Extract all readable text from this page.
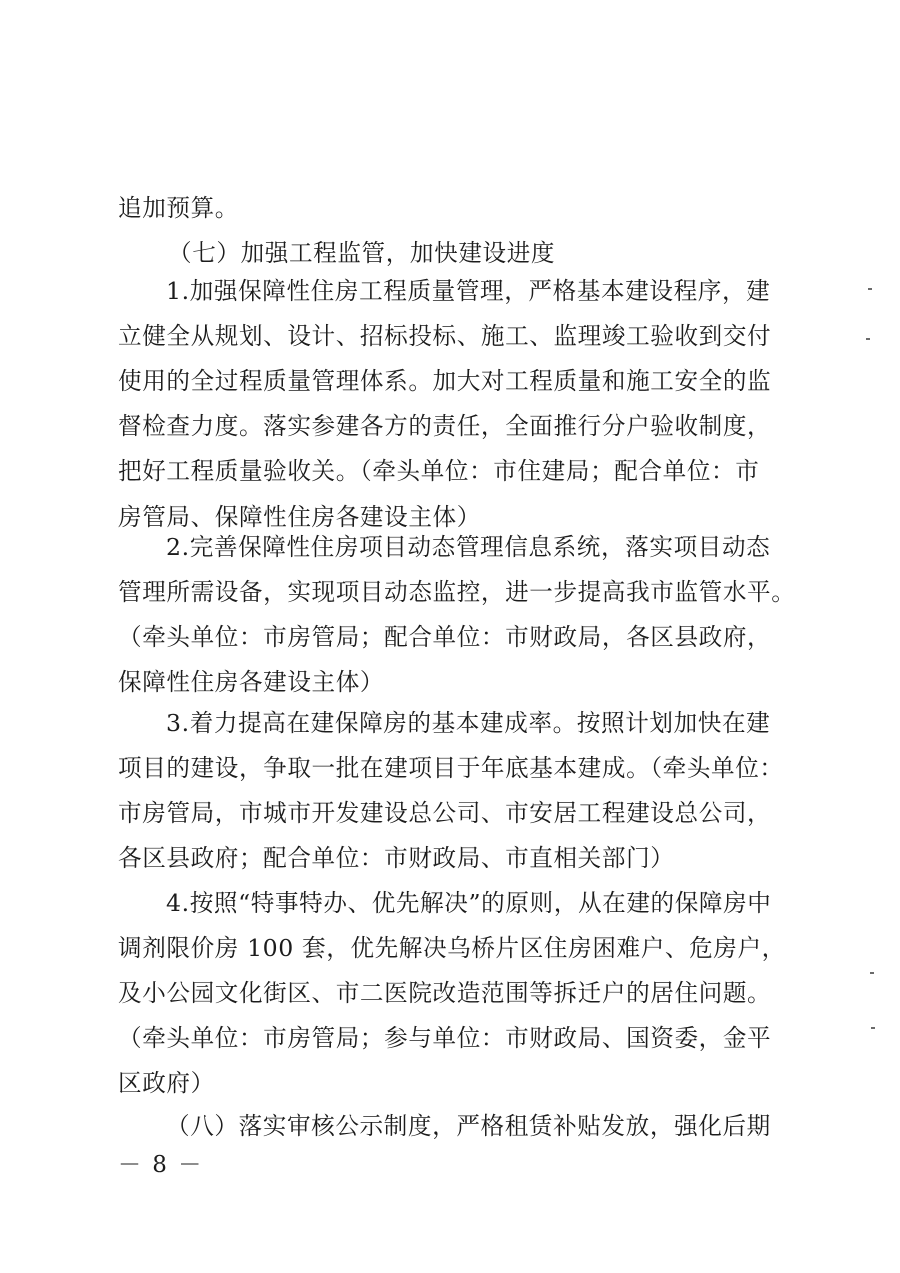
追加预算。
（七）加强工程监管，加快建设进度
1.加强保障性住房工程质量管理，严格基本建设程序，建
立健全从规划、设计、招标投标、施工、监理竣工验收到交付
使用的全过程质量管理体系。加大对工程质量和施工安全的监
督检查力度。落实参建各方的责任，全面推行分户验收制度，
把好工程质量验收关。（牵头单位：市住建局；配合单位：市
房管局、保障性住房各建设主体）
2.完善保障性住房项目动态管理信息系统，落实项目动态
管理所需设备，实现项目动态监控，进一步提高我市监管水平。
（牵头单位：市房管局；配合单位：市财政局，各区县政府，
保障性住房各建设主体）
3.着力提高在建保障房的基本建成率。按照计划加快在建
项目的建设，争取一批在建项目于年底基本建成。（牵头单位：
市房管局，市城市开发建设总公司、市安居工程建设总公司，
各区县政府；配合单位：市财政局、市直相关部门）
4.按照“特事特办、优先解决”的原则，从在建的保障房中
调剂限价房 100 套，优先解决乌桥片区住房困难户、危房户，
及小公园文化街区、市二医院改造范围等拆迁户的居住问题。
（牵头单位：市房管局；参与单位：市财政局、国资委，金平
区政府）
－ 8 －
（八）落实审核公示制度，严格租赁补贴发放，强化后期
